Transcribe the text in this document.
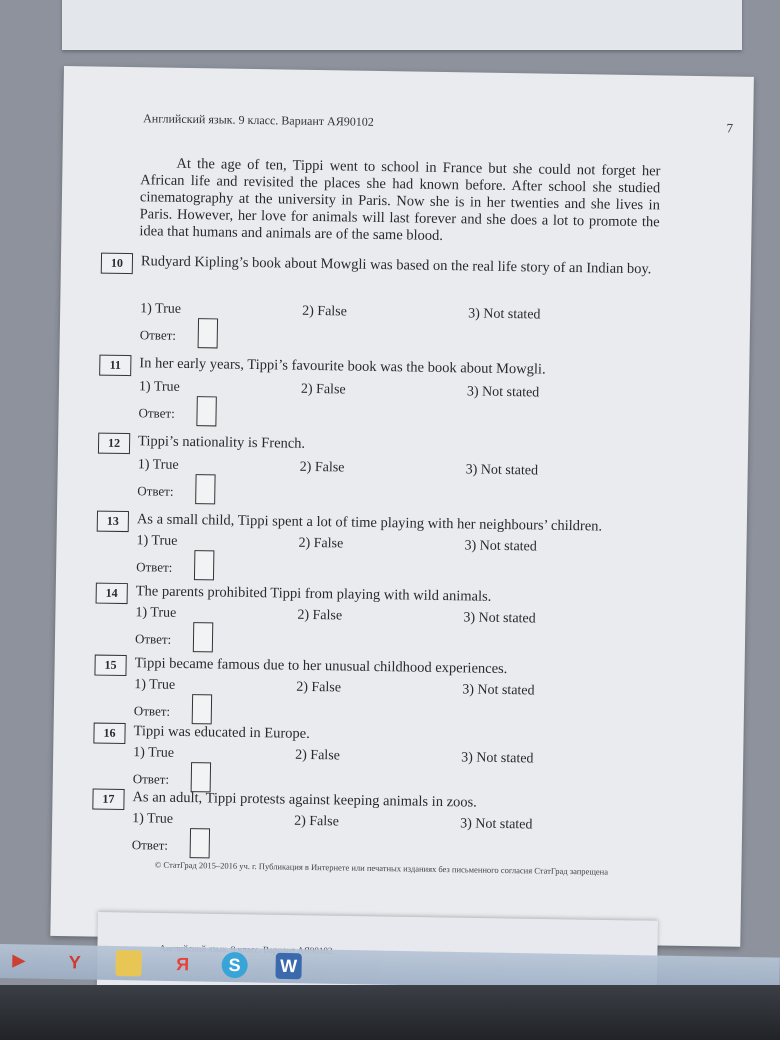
Английский язык. 9 класс. Вариант АЯ90102	7

At the age of ten, Tippi went to school in France but she could not forget her African life and revisited the places she had known before. After school she studied cinematography at the university in Paris. Now she is in her twenties and she lives in Paris. However, her love for animals will last forever and she does a lot to promote the idea that humans and animals are of the same blood.

10	Rudyard Kipling’s book about Mowgli was based on the real life story of an Indian boy.
1) True	2) False	3) Not stated
Ответ:
11	In her early years, Tippi’s favourite book was the book about Mowgli.
1) True	2) False	3) Not stated
Ответ:
12	Tippi’s nationality is French.
1) True	2) False	3) Not stated
Ответ:
13	As a small child, Tippi spent a lot of time playing with her neighbours’ children.
1) True	2) False	3) Not stated
Ответ:
14	The parents prohibited Tippi from playing with wild animals.
1) True	2) False	3) Not stated
Ответ:
15	Tippi became famous due to her unusual childhood experiences.
1) True	2) False	3) Not stated
Ответ:
16	Tippi was educated in Europe.
1) True	2) False	3) Not stated
Ответ:
17	As an adult, Tippi protests against keeping animals in zoos.
1) True	2) False	3) Not stated
Ответ:
© СтатГрад 2015–2016 уч. г. Публикация в Интернете или печатных изданиях без письменного согласия СтатГрад запрещена
▶	Y	Я	S	W
